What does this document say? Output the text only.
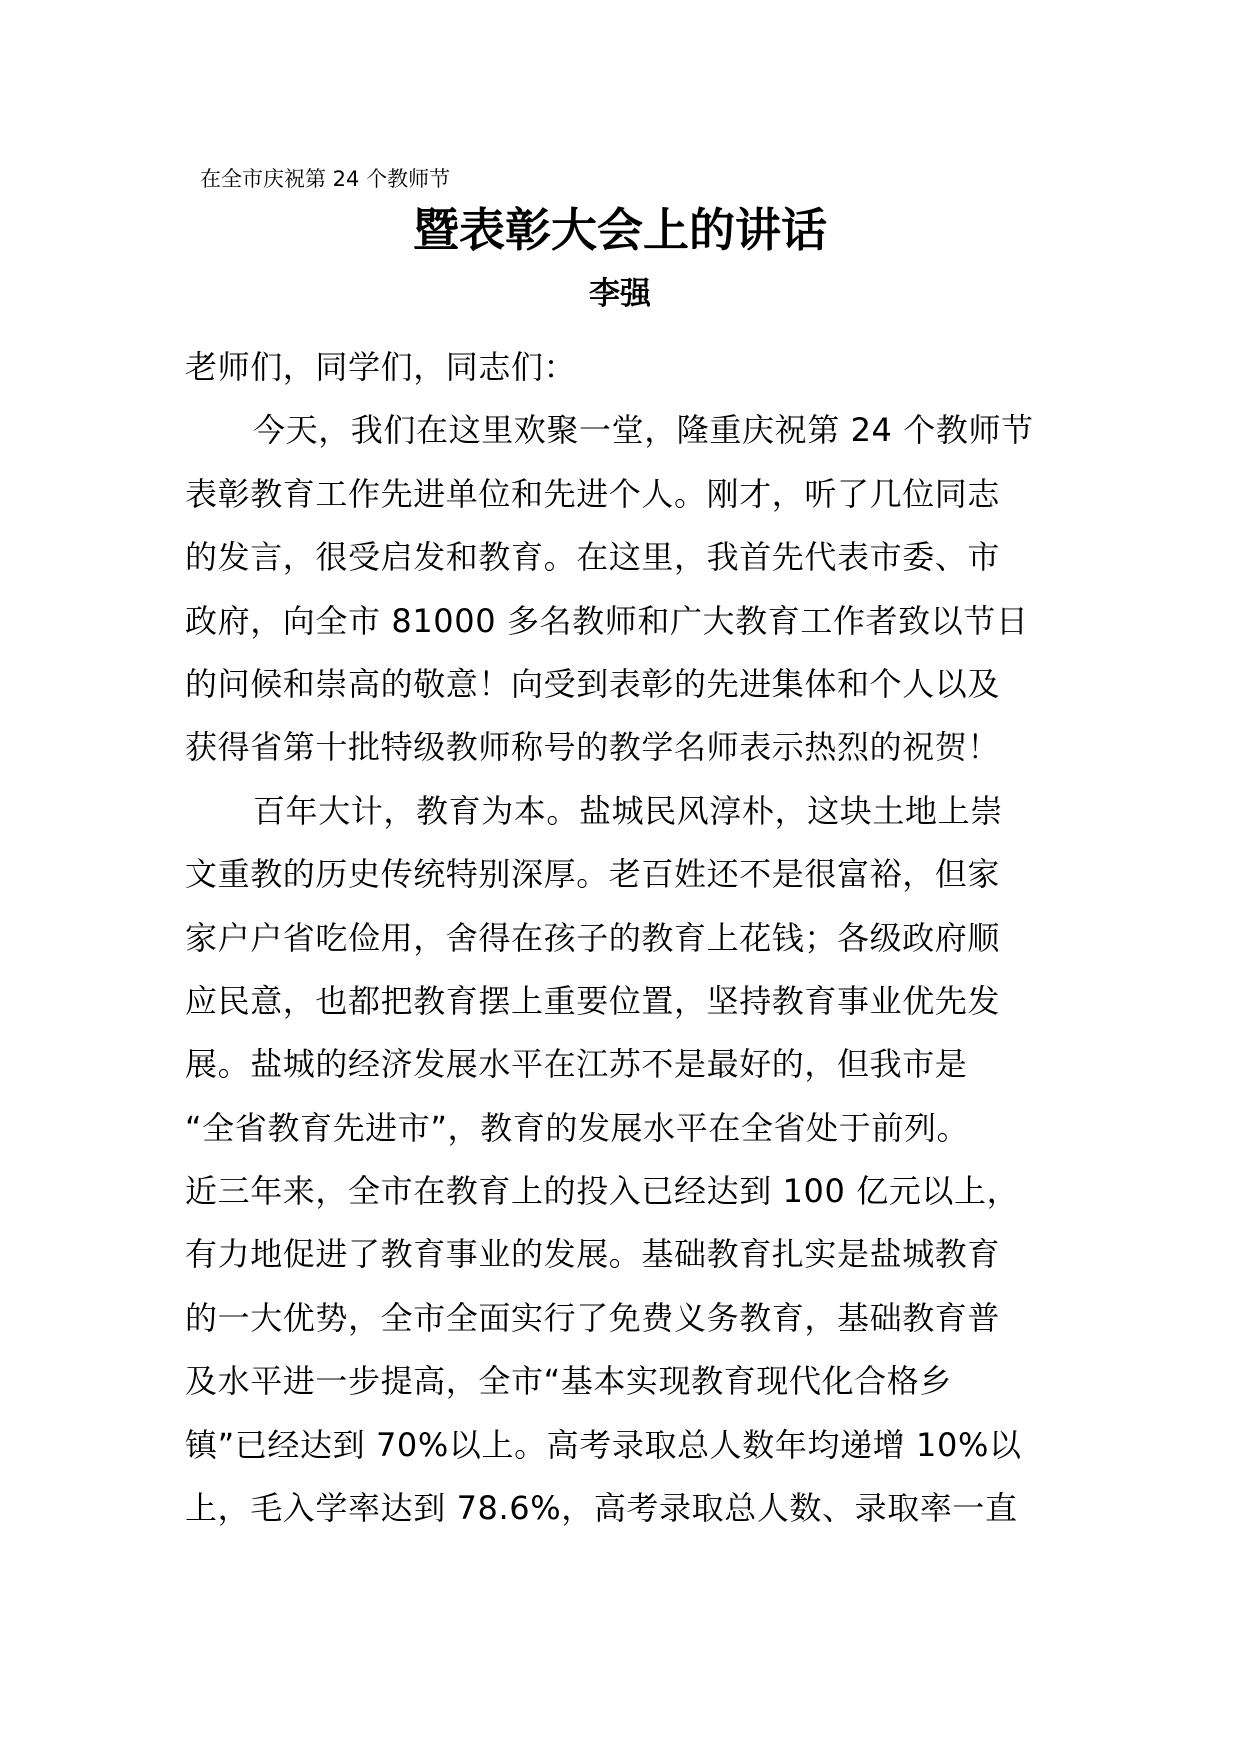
在全市庆祝第 24 个教师节
暨表彰大会上的讲话
李强
老师们，同学们，同志们：
今天，我们在这里欢聚一堂，隆重庆祝第 24 个教师节
表彰教育工作先进单位和先进个人。刚才，听了几位同志
的发言，很受启发和教育。在这里，我首先代表市委、市
政府，向全市 81000 多名教师和广大教育工作者致以节日
的问候和崇高的敬意！向受到表彰的先进集体和个人以及
获得省第十批特级教师称号的教学名师表示热烈的祝贺！
百年大计，教育为本。盐城民风淳朴，这块土地上崇
文重教的历史传统特别深厚。老百姓还不是很富裕，但家
家户户省吃俭用，舍得在孩子的教育上花钱；各级政府顺
应民意，也都把教育摆上重要位置，坚持教育事业优先发
展。盐城的经济发展水平在江苏不是最好的，但我市是
“全省教育先进市”，教育的发展水平在全省处于前列。
近三年来，全市在教育上的投入已经达到 100 亿元以上，
有力地促进了教育事业的发展。基础教育扎实是盐城教育
的一大优势，全市全面实行了免费义务教育，基础教育普
及水平进一步提高，全市“基本实现教育现代化合格乡
镇”已经达到 70%以上。高考录取总人数年均递增 10%以
上，毛入学率达到 78.6%，高考录取总人数、录取率一直
